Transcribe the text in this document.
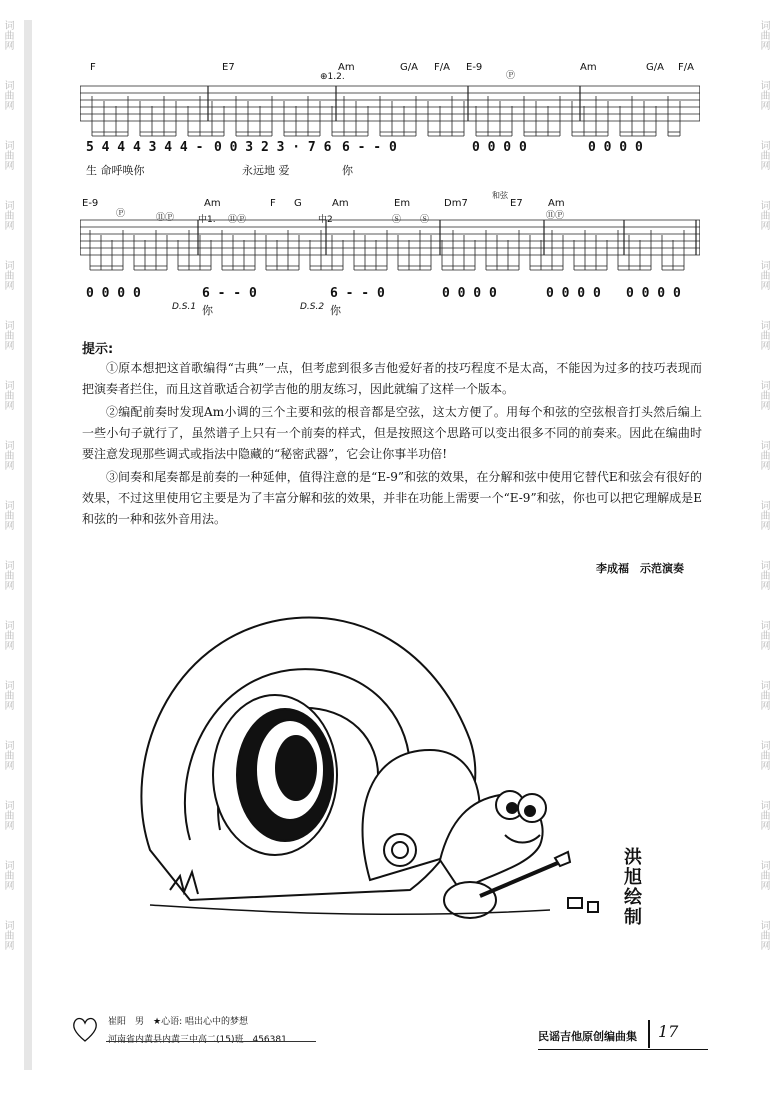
词曲网
词曲网
词曲网
词曲网
词曲网
词曲网
词曲网
词曲网
词曲网
词曲网
词曲网
词曲网
词曲网
词曲网
词曲网
词曲网
词曲网
词曲网
词曲网
词曲网
词曲网
词曲网
词曲网
词曲网
词曲网
词曲网
词曲网
词曲网
词曲网
词曲网
词曲网
词曲网
F	E7	Am	G/A F/A E-9	Am	G/A F/A
⊕1.2.	Ⓟ
5 4 4 4 3 4 4 - 0 0 3 2 3 · 7 6 6 - - 0	0 0 0 0	0 0 0 0
生 命呼唤你	永远地 爱	你
E-9	Am	F G	Am	Em	Dm7	E7	Am
Ⓟ	⑪Ⓟ	中1. ⑪Ⓟ	中2	Ⓢ Ⓢ	⑪Ⓟ
和弦
0 0 0 0	6 - - 0	6 - - 0	0 0 0 0	0 0 0 0 0 0 0 0
D.S.1	D.S.2
你	你
提示:

①原本想把这首歌编得“古典”一点，但考虑到很多吉他爱好者的技巧程度不是太高，不能因为过多的技巧表现而把演奏者拦住，而且这首歌适合初学吉他的朋友练习，因此就编了这样一个版本。

②编配前奏时发现Am小调的三个主要和弦的根音都是空弦，这太方便了。用每个和弦的空弦根音打头然后编上一些小句子就行了，虽然谱子上只有一个前奏的样式，但是按照这个思路可以变出很多不同的前奏来。因此在编曲时要注意发现那些调式或指法中隐藏的“秘密武器”，它会让你事半功倍!

③间奏和尾奏都是前奏的一种延伸，值得注意的是“E-9”和弦的效果，在分解和弦中使用它替代E和弦会有很好的效果，不过这里使用它主要是为了丰富分解和弦的效果，并非在功能上需要一个“E-9”和弦，你也可以把它理解成是E和弦的一种和弦外音用法。

李成福　示范演奏
洪旭绘制
崔阳　男　★心语: 唱出心中的梦想
河南省内黄县内黄三中高二(15)班　456381	民谣吉他原创编曲集 17
